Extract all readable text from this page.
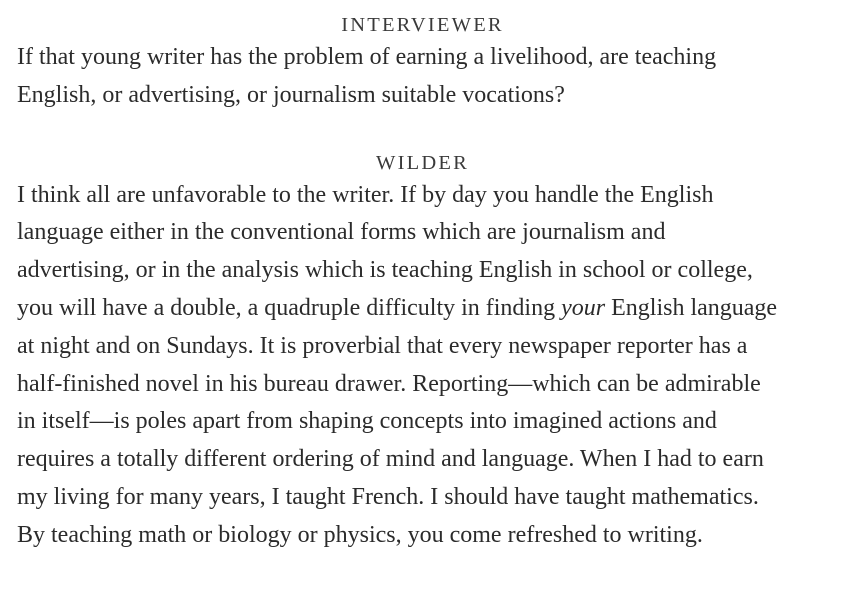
INTERVIEWER

If that young writer has the problem of earning a livelihood, are teaching
English, or advertising, or journalism suitable vocations?

WILDER

I think all are unfavorable to the writer. If by day you handle the English
language either in the conventional forms which are journalism and
advertising, or in the analysis which is teaching English in school or college,
you will have a double, a quadruple difficulty in finding your English language
at night and on Sundays. It is proverbial that every newspaper reporter has a
half-finished novel in his bureau drawer. Reporting—which can be admirable
in itself—is poles apart from shaping concepts into imagined actions and
requires a totally different ordering of mind and language. When I had to earn
my living for many years, I taught French. I should have taught mathematics.
By teaching math or biology or physics, you come refreshed to writing.
